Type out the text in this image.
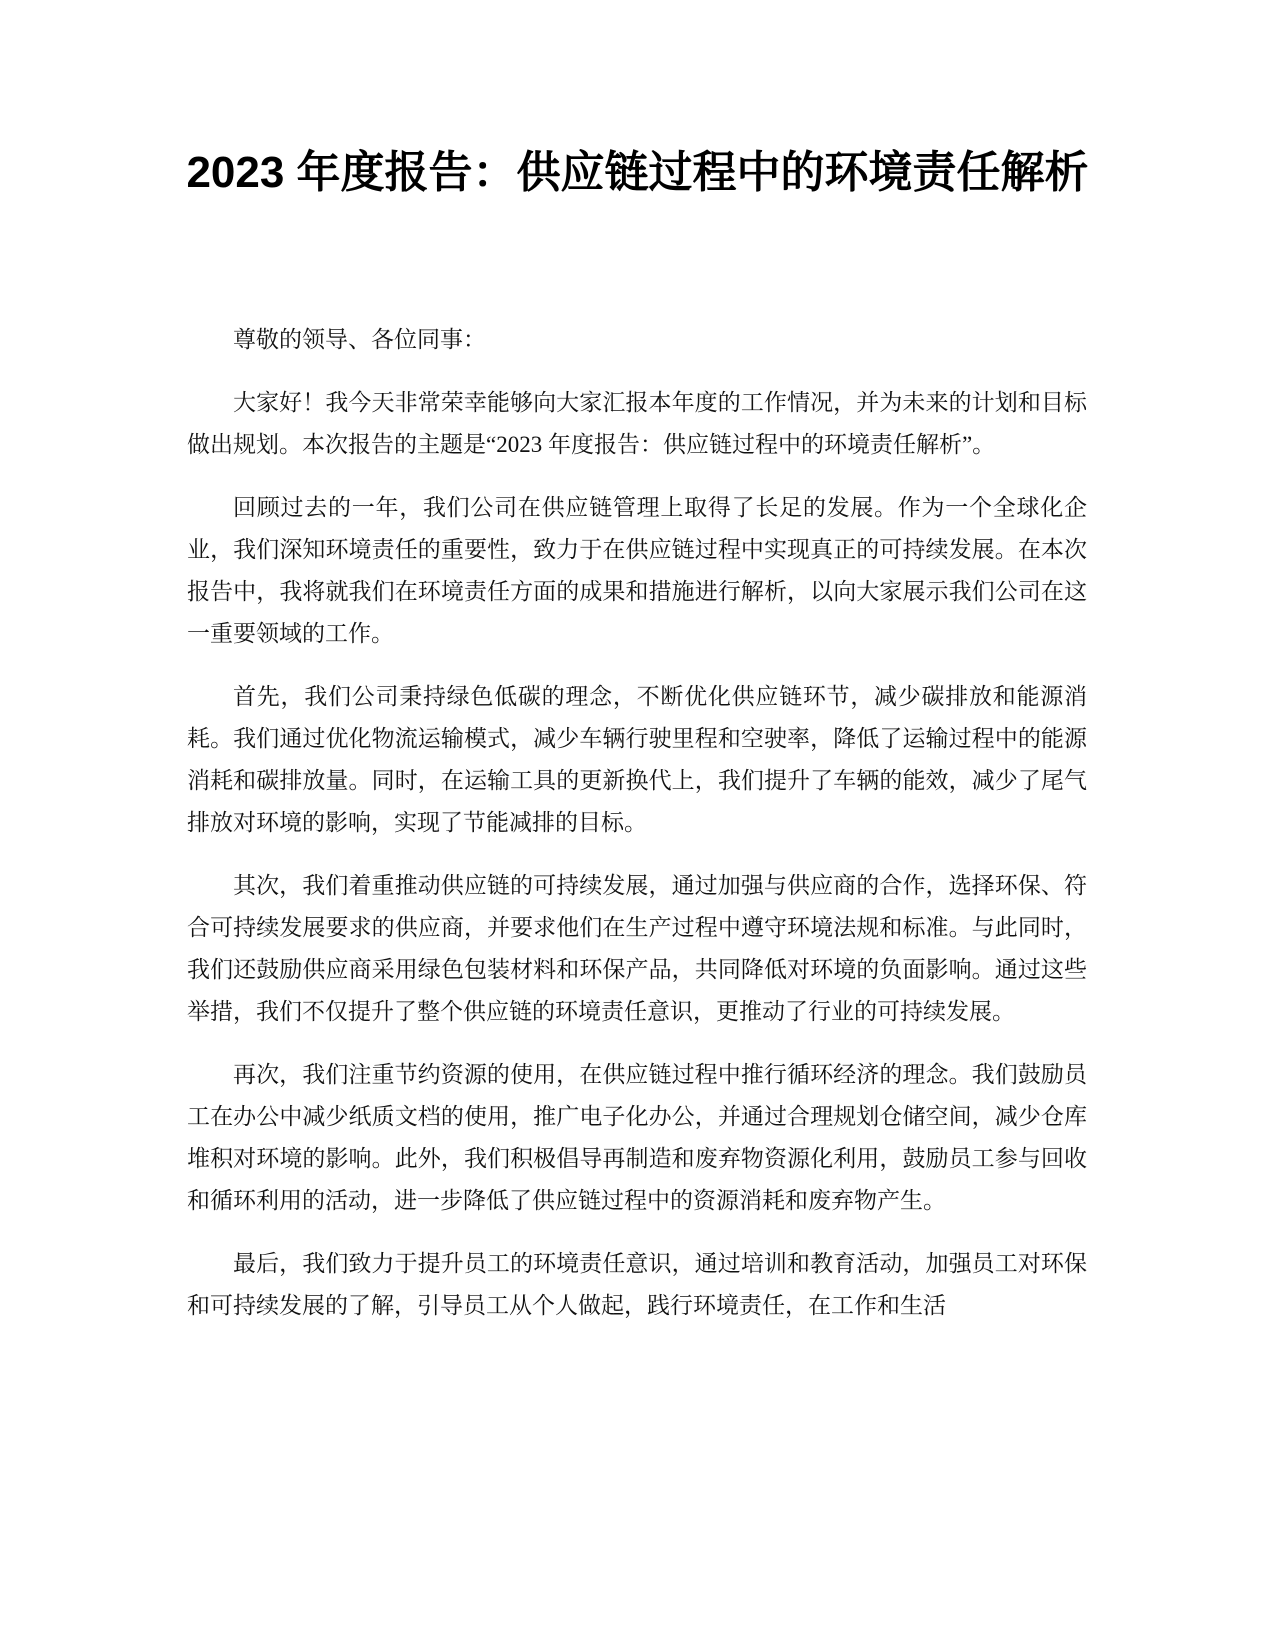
2023 年度报告：供应链过程中的环境责任解析

尊敬的领导、各位同事：

大家好！我今天非常荣幸能够向大家汇报本年度的工作情况，并为未来的计划和目标做出规划。本次报告的主题是“2023 年度报告：供应链过程中的环境责任解析”。

回顾过去的一年，我们公司在供应链管理上取得了长足的发展。作为一个全球化企业，我们深知环境责任的重要性，致力于在供应链过程中实现真正的可持续发展。在本次报告中，我将就我们在环境责任方面的成果和措施进行解析，以向大家展示我们公司在这一重要领域的工作。

首先，我们公司秉持绿色低碳的理念，不断优化供应链环节，减少碳排放和能源消耗。我们通过优化物流运输模式，减少车辆行驶里程和空驶率，降低了运输过程中的能源消耗和碳排放量。同时，在运输工具的更新换代上，我们提升了车辆的能效，减少了尾气排放对环境的影响，实现了节能减排的目标。

其次，我们着重推动供应链的可持续发展，通过加强与供应商的合作，选择环保、符合可持续发展要求的供应商，并要求他们在生产过程中遵守环境法规和标准。与此同时，我们还鼓励供应商采用绿色包装材料和环保产品，共同降低对环境的负面影响。通过这些举措，我们不仅提升了整个供应链的环境责任意识，更推动了行业的可持续发展。

再次，我们注重节约资源的使用，在供应链过程中推行循环经济的理念。我们鼓励员工在办公中减少纸质文档的使用，推广电子化办公，并通过合理规划仓储空间，减少仓库堆积对环境的影响。此外，我们积极倡导再制造和废弃物资源化利用，鼓励员工参与回收和循环利用的活动，进一步降低了供应链过程中的资源消耗和废弃物产生。

最后，我们致力于提升员工的环境责任意识，通过培训和教育活动，加强员工对环保和可持续发展的了解，引导员工从个人做起，践行环境责任，在工作和生活
